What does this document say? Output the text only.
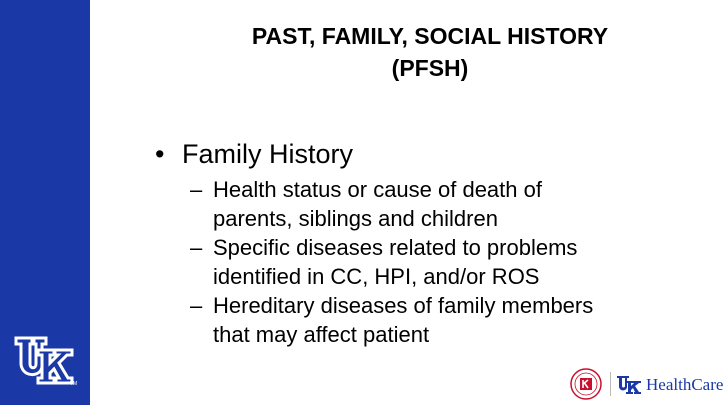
TM
PAST, FAMILY, SOCIAL HISTORY
(PFSH)
• Family History
– Health status or cause of death of
parents, siblings and children
– Specific diseases related to problems
identified in CC, HPI, and/or ROS
– Hereditary diseases of family members
that may affect patient
HealthCare
